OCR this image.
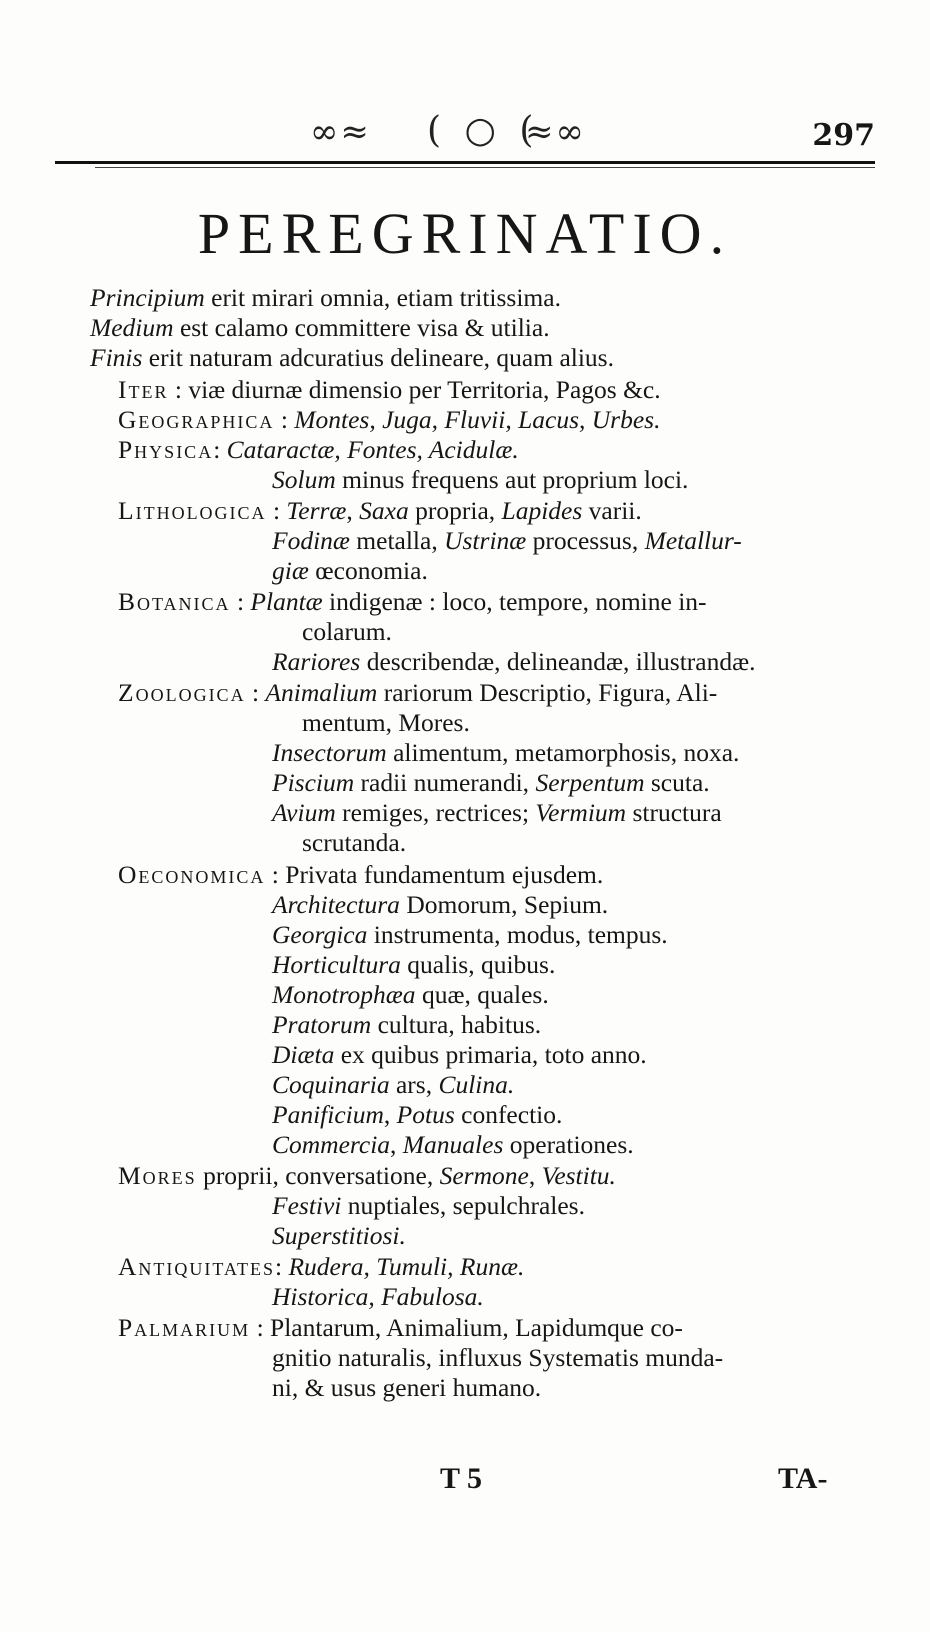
∞≈ ( ○ (
≈∞	297
PEREGRINATIO.
Principium erit mirari omnia, etiam tritissima.
Medium est calamo committere visa & utilia.
Finis erit naturam adcuratius delineare, quam alius.
Iter : viæ diurnæ dimensio per Territoria, Pagos &c.
Geographica : Montes, Juga, Fluvii, Lacus, Urbes.
Physica: Cataractæ, Fontes, Acidulæ.
Solum minus frequens aut proprium loci.
Lithologica : Terræ, Saxa propria, Lapides varii.
Fodinæ metalla, Ustrinæ processus, Metallur-
giæ œconomia.
Botanica : Plantæ indigenæ : loco, tempore, nomine in-
colarum.
Rariores describendæ, delineandæ, illustrandæ.
Zoologica : Animalium rariorum Descriptio, Figura, Ali-
mentum, Mores.
Insectorum alimentum, metamorphosis, noxa.
Piscium radii numerandi, Serpentum scuta.
Avium remiges, rectrices; Vermium structura
scrutanda.
Oeconomica : Privata fundamentum ejusdem.
Architectura Domorum, Sepium.
Georgica instrumenta, modus, tempus.
Horticultura qualis, quibus.
Monotrophæa quæ, quales.
Pratorum cultura, habitus.
Diæta ex quibus primaria, toto anno.
Coquinaria ars, Culina.
Panificium, Potus confectio.
Commercia, Manuales operationes.
Mores proprii, conversatione, Sermone, Vestitu.
Festivi nuptiales, sepulchrales.
Superstitiosi.
Antiquitates: Rudera, Tumuli, Runæ.
Historica, Fabulosa.
Palmarium : Plantarum, Animalium, Lapidumque co-
gnitio naturalis, influxus Systematis munda-
ni, & usus generi humano.
T 5	TA-
